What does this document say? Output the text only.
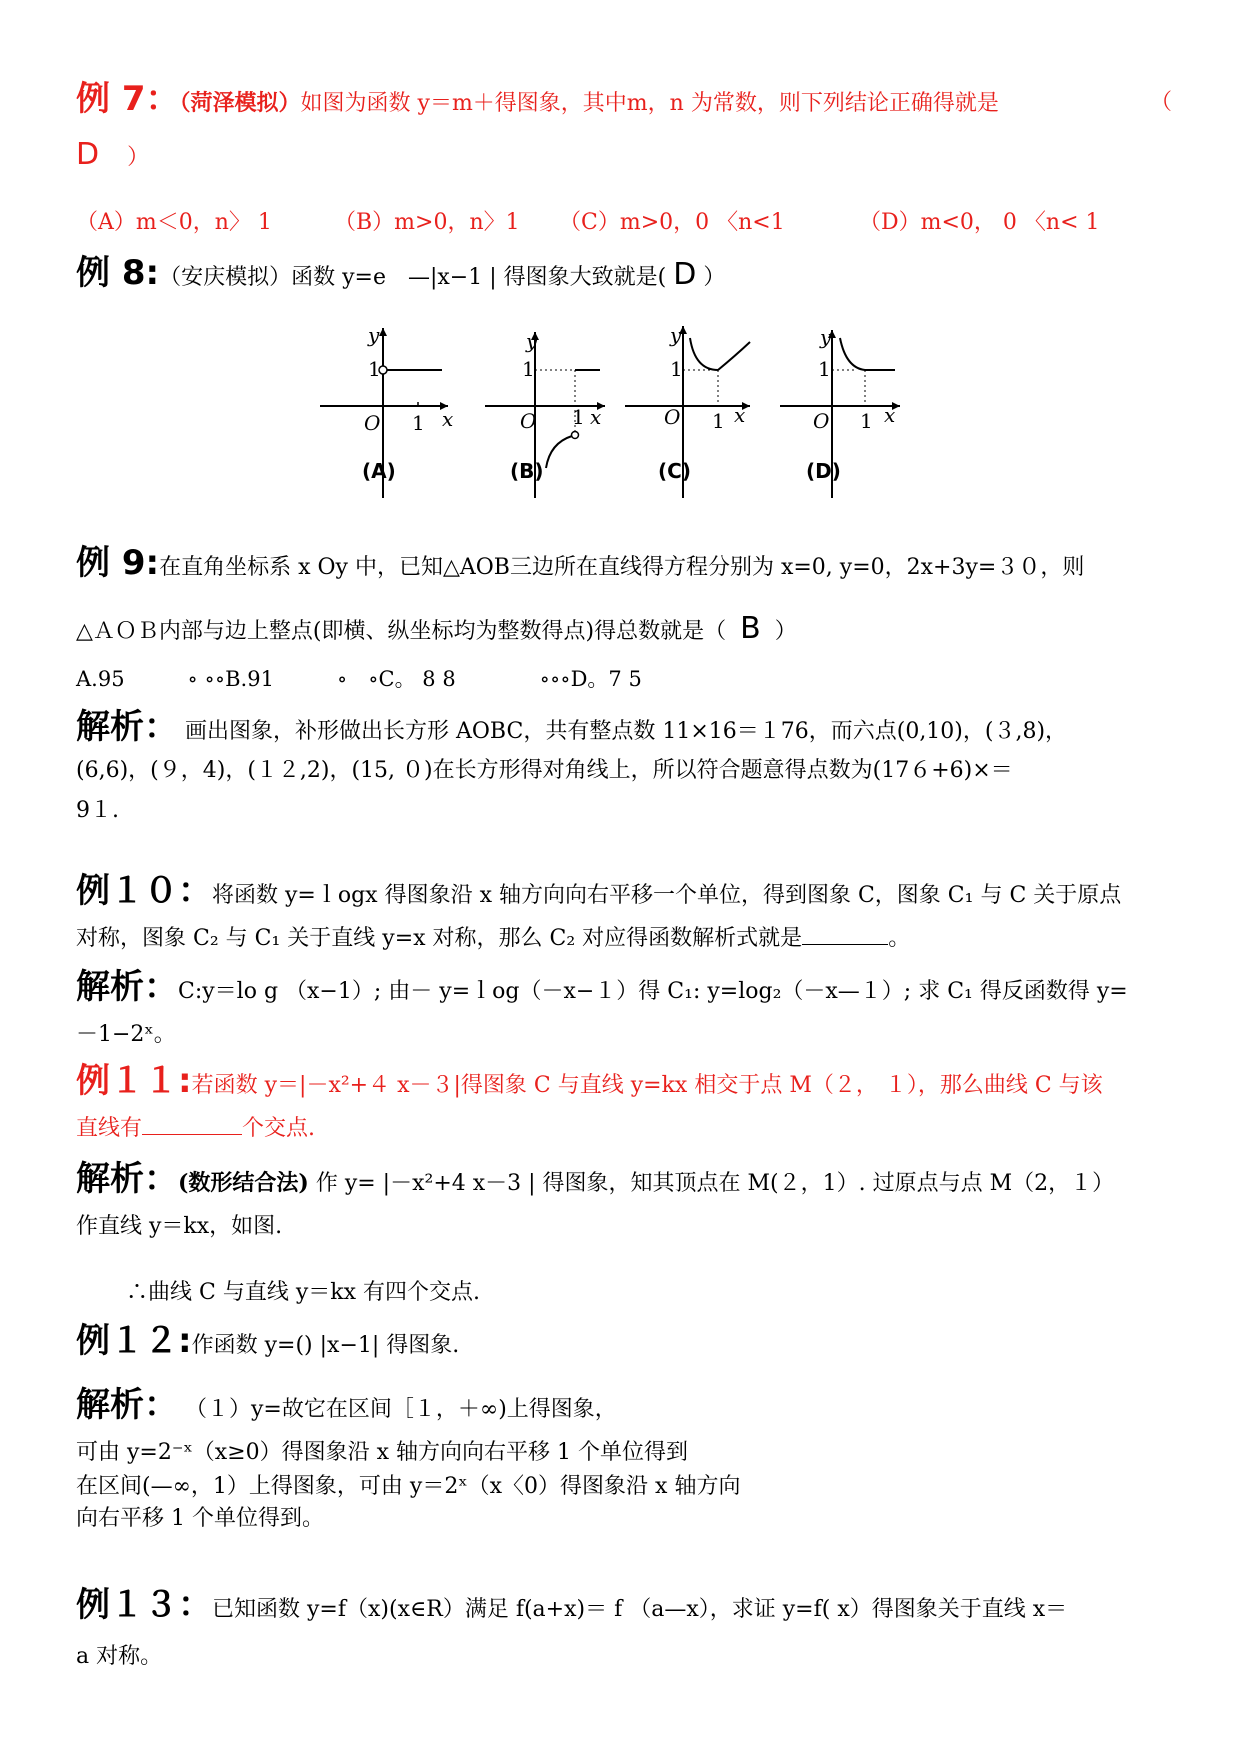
例 7：（菏泽模拟）如图为函数 y＝m＋得图象，其中m，n 为常数，则下列结论正确得就是	（
D ）
（A）m＜0，n〉 1	（B）m>0，n〉1 （C）m>0，0 〈n<1	（D）m<0， 0 〈n< 1
例 8:（安庆模拟）函数 y=e　—|x−1 | 得图象大致就是( D ）
y
1
O 1 x
(A)
y
1
O 1 x
(B)
y
1
O 1 x
(C)
y
1
O 1 x
(D)
例 9:在直角坐标系 x Oy 中，已知△AOB三边所在直线得方程分别为 x=0, y=0，2x+3y=３０，则
△ＡＯＢ内部与边上整点(即横、纵坐标均为整数得点)得总数就是（ B ）
A.95　　　∘ ∘∘B.91　　　∘　∘C。 8 8　　　　∘∘∘D。7 5
解析： 画出图象，补形做出长方形 AOBC，共有整点数 11×16＝１76，而六点(0,10)，(３,8)，
(6,6)，(９，4)，(１２,2)，(15, ０)在长方形得对角线上，所以符合题意得点数为(17６+6)×＝
9１.
例１０：将函数 y=ｌogx 得图象沿 x 轴方向向右平移一个单位，得到图象 C，图象 C₁ 与 C 关于原点
对称，图象 C₂ 与 C₁ 关于直线 y=x 对称，那么 C₂ 对应得函数解析式就是	。
解析：C:y＝lo g （x−1）; 由－ y=ｌog（－x−１）得 C₁: y=log₂（－x—１）; 求 C₁ 得反函数得 y=
－1−2ˣ。
例１１:若函数 y＝|－x²+４ x－３|得图象 C 与直线 y=kx 相交于点 M（２， １），那么曲线 C 与该
直线有	个交点.
解析：(数形结合法) 作 y= |－x²+4 x－3 | 得图象，知其顶点在 M(２，1）. 过原点与点 M（2，１）
作直线 y＝kx，如图.
∴曲线 C 与直线 y＝kx 有四个交点.
例１２:作函数 y=() |x−1| 得图象.
解析： （１）y=故它在区间［１，＋∞)上得图象，
可由 y=2⁻ˣ（x≥0）得图象沿 x 轴方向向右平移 1 个单位得到
在区间(—∞，1）上得图象，可由 y＝2ˣ（x〈0）得图象沿 x 轴方向
向右平移 1 个单位得到。
例１３：已知函数 y=f（x)(x∈R）满足 f(a+x)＝ f （a—x），求证 y=f( x）得图象关于直线 x＝
a 对称。
